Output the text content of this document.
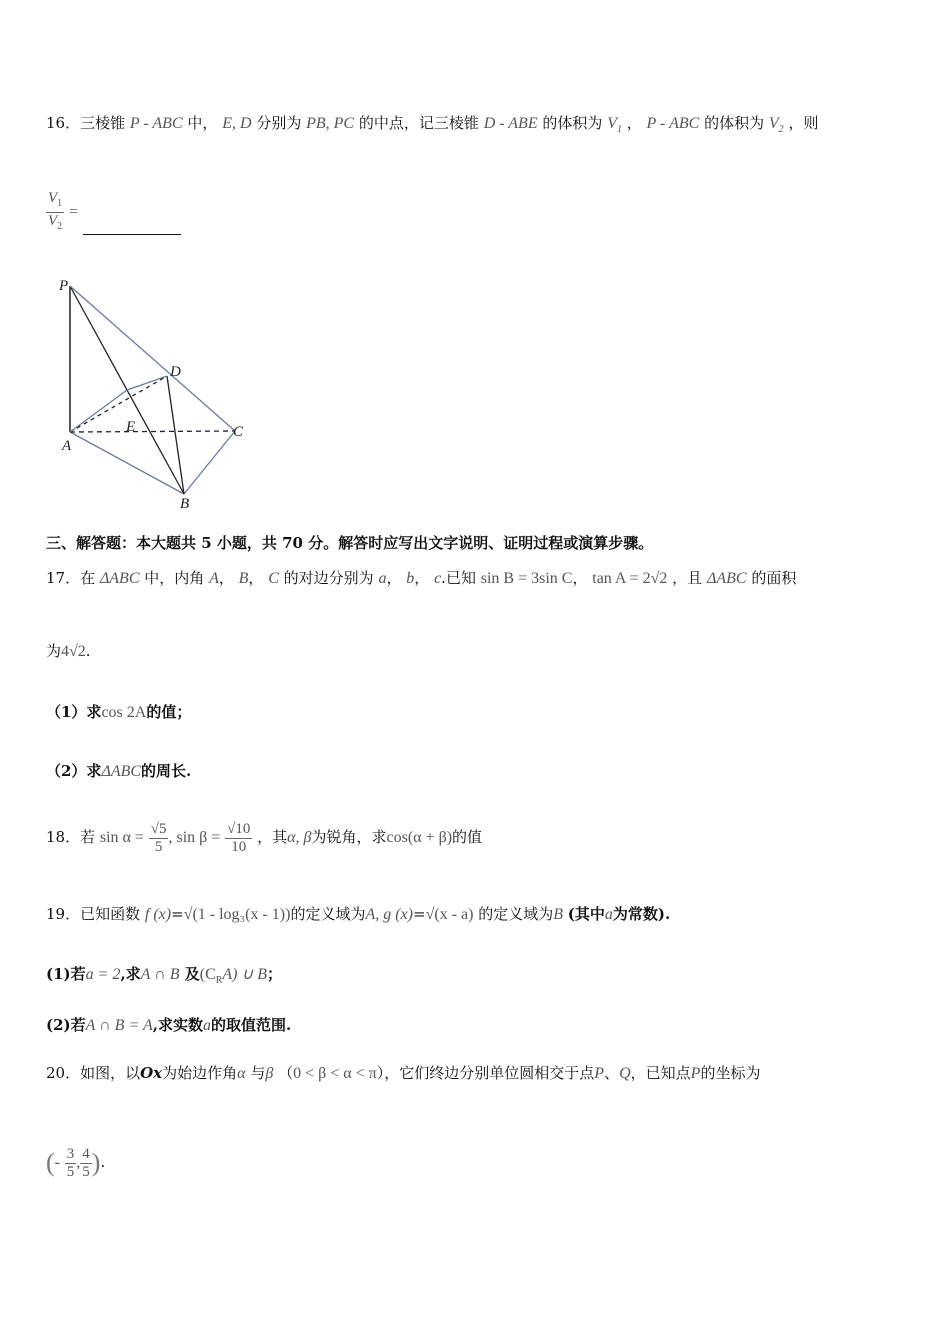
16．三棱锥 P - ABC 中， E, D 分别为 PB, PC 的中点，记三棱锥 D - ABE 的体积为 $V_1$ ， P - ABC 的体积为 $V_2$ ，则
$\frac{V_1}{V_2}$ =
P
D
E
A
C
B
三、解答题：本大题共 5 小题，共 70 分。解答时应写出文字说明、证明过程或演算步骤。
17．在 ΔABC 中，内角 A， B， C 的对边分别为 a， b， c.已知 sin B = 3sin C， tan A = 2√2 ，且 ΔABC 的面积
为4√2.
（1）求cos 2A的值；
（2）求ΔABC的周长.
18．若 $\sin \alpha = \frac{√5}{5}$ , $\sin \beta = \frac{√10}{10}$ ，其α, β为锐角，求cos(α + β)的值
19．已知函数 f (x)=√(1 - log₃(x - 1))的定义域为A, g (x)=√(x - a) 的定义域为B (其中a为常数).
(1)若a = 2,求A ∩ B 及$(C_RA)$ ∪ B；
(2)若A ∩ B = A,求实数a的取值范围.
20．如图，以Ox为始边作角α 与β （0 < β < α < π），它们终边分别单位圆相交于点P、Q，已知点P的坐标为
(- $\frac{3}{5}$ , $\frac{4}{5}$ ).
